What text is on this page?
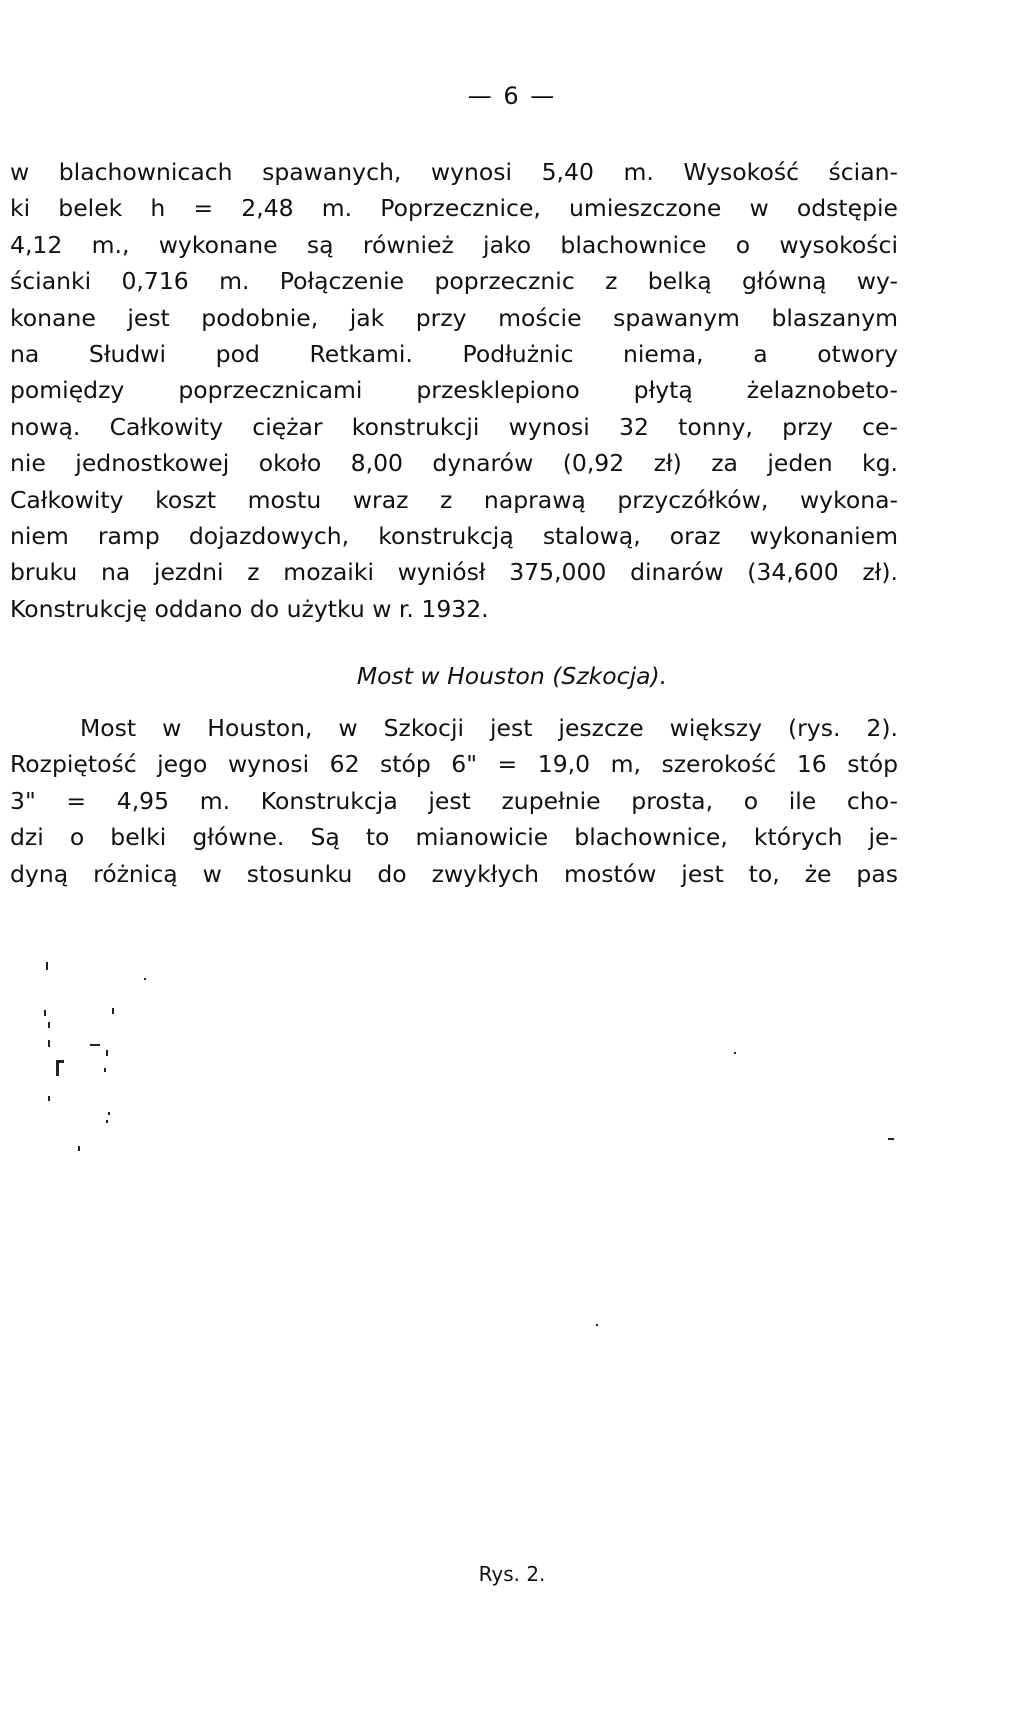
— 6 —
w blachownicach spawanych, wynosi 5,40 m. Wysokość ścian-
ki belek h = 2,48 m. Poprzecznice, umieszczone w odstępie
4,12 m., wykonane są również jako blachownice o wysokości
ścianki 0,716 m. Połączenie poprzecznic z belką główną wy-
konane jest podobnie, jak przy moście spawanym blaszanym
na Słudwi pod Retkami. Podłużnic niema, a otwory
pomiędzy poprzecznicami przesklepiono płytą żelaznobeto-
nową. Całkowity ciężar konstrukcji wynosi 32 tonny, przy ce-
nie jednostkowej około 8,00 dynarów (0,92 zł) za jeden kg.
Całkowity koszt mostu wraz z naprawą przyczółków, wykona-
niem ramp dojazdowych, konstrukcją stalową, oraz wykonaniem
bruku na jezdni z mozaiki wyniósł 375,000 dinarów (34,600 zł).
Konstrukcję oddano do użytku w r. 1932.
Most w Houston (Szkocja).
Most w Houston, w Szkocji jest jeszcze większy (rys. 2).
Rozpiętość jego wynosi 62 stóp 6" = 19,0 m, szerokość 16 stóp
3" = 4,95 m. Konstrukcja jest zupełnie prosta, o ile cho-
dzi o belki główne. Są to mianowicie blachownice, których je-
dyną różnicą w stosunku do zwykłych mostów jest to, że pas
Rys. 2.
